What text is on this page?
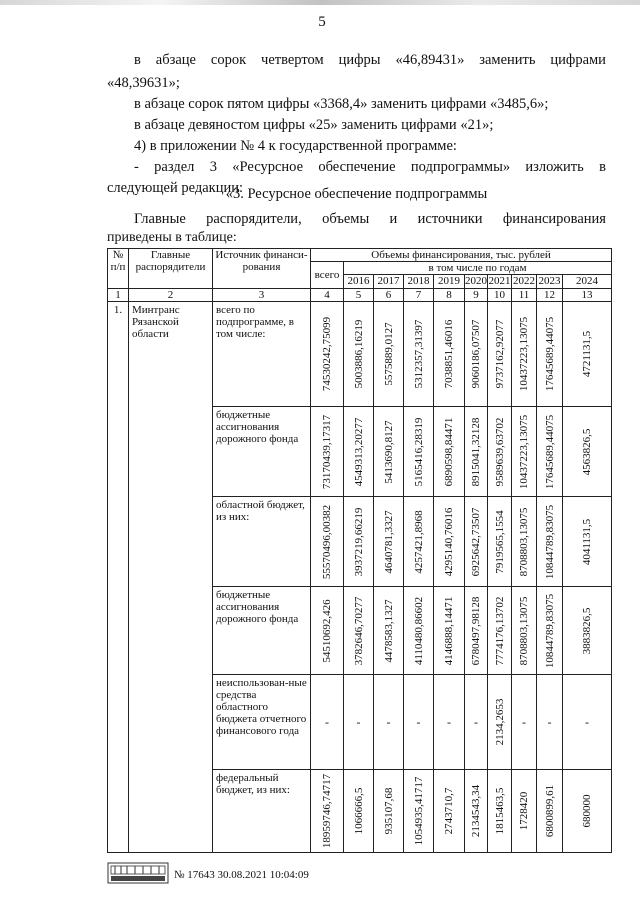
5
в абзаце сорок четвертом цифры «46,89431» заменить цифрами
«48,39631»;
в абзаце сорок пятом цифры «3368,4» заменить цифрами «3485,6»;
в абзаце девяностом цифры «25» заменить цифрами «21»;
4) в приложении № 4 к государственной программе:
- раздел 3 «Ресурсное обеспечение подпрограммы» изложить в
следующей редакции:
«3. Ресурсное обеспечение подпрограммы
Главные распорядители, объемы и источники финансирования
№ п/п	Главные распорядители	Источник финанси-рования	Объемы финансирования, тыс. рублей									
			всего	в том числе по годам								
				2016	2017	2018	2019	2020	2021	2022	2023	2024
1	2	3	4	5	6	7	8	9	10	11	12	13
1.	Минтранс Рязанской области	всего по подпрограмме, в том числе:	74530242,75099	5003886,16219	5575889,0127	5312357,31397	7038851,46016	9060186,07507	9737162,92077	10437223,13075	17645689,44075	4721131,5

		бюджетные ассигнования дорожного фонда	73170439,17317	4549313,20277	5413690,8127	5165416,28319	6890598,84471	8915041,32128	9589639,63702	10437223,13075	17645689,44075	4563826,5

		областной бюджет, из них:	55570496,00382	3937219,66219	4640781,3327	4257421,8968	4295140,76016	6925642,73507	7919565,1554	8708803,13075	10844789,83075	4041131,5

		бюджетные ассигнования дорожного фонда	54510692,426	3782646,70277	4478583,1327	4110480,86602	4146888,14471	6780497,98128	7774176,13702	8708803,13075	10844789,83075	3883826,5

		неиспользован-ные средства областного бюджета отчетного финансового года	-	-	-	-	-	-	2134,2653	-	-	-
		федеральный бюджет, из них:	18959746,74717	1066666,5	935107,68	1054935,41717	2743710,7	2134543,34	1815463,5	1728420	6800899,61	680000
№ 17643 30.08.2021 10:04:09
приведены в таблице:
